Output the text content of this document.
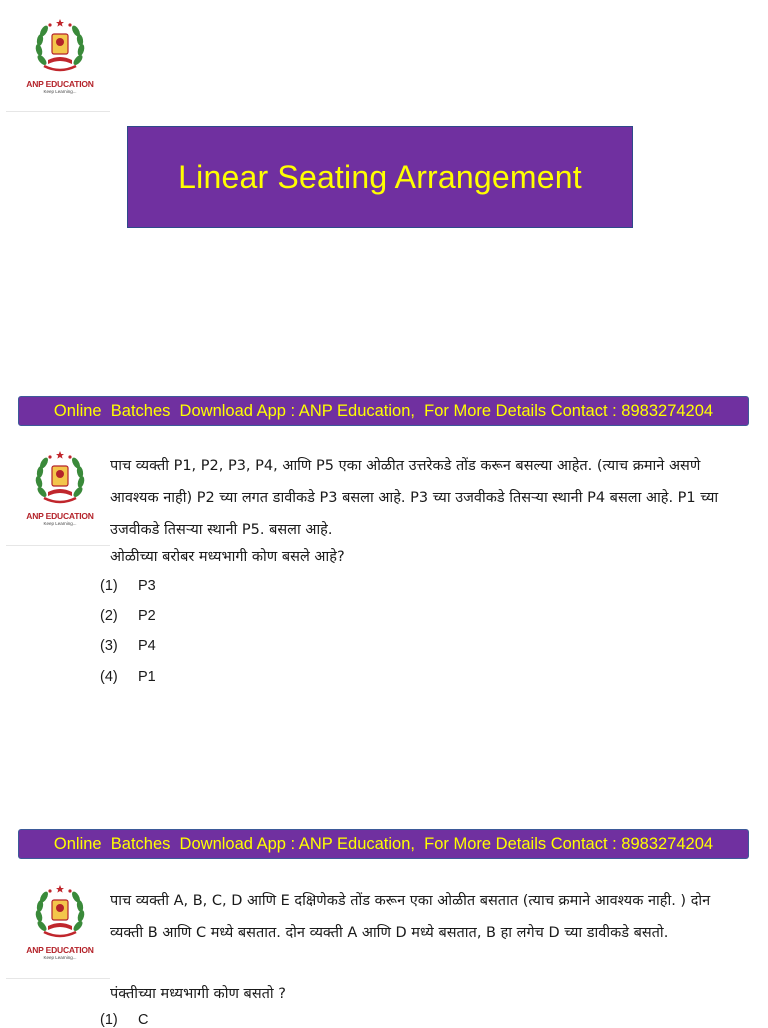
ANP EDUCATION
Keep Learning...
Linear Seating Arrangement
Online  Batches  Download App : ANP Education,  For More Details Contact : 8983274204
ANP EDUCATION
Keep Learning...

पाच व्यक्ती P1, P2, P3, P4, आणि P5 एका ओळीत उत्तरेकडे तोंड करून बसल्या आहेत. (त्याच क्रमाने असणे आवश्यक नाही) P2 च्या लगत डावीकडे P3 बसला आहे. P3 च्या उजवीकडे तिसऱ्या स्थानी P4 बसला आहे. P1 च्या उजवीकडे तिसऱ्या स्थानी P5. बसला आहे.

ओळीच्या बरोबर मध्यभागी कोण बसले आहे?
(1) P3
(2) P2
(3) P4
(4) P1
Online  Batches  Download App : ANP Education,  For More Details Contact : 8983274204
ANP EDUCATION
Keep Learning...

पाच व्यक्ती A, B, C, D आणि E दक्षिणेकडे तोंड करून एका ओळीत बसतात (त्याच क्रमाने आवश्यक नाही. ) दोन व्यक्ती B आणि C मध्ये बसतात. दोन व्यक्ती A आणि D मध्ये बसतात, B हा लगेच D च्या डावीकडे बसतो.

पंक्तीच्या मध्यभागी कोण बसतो ?
(1) C
